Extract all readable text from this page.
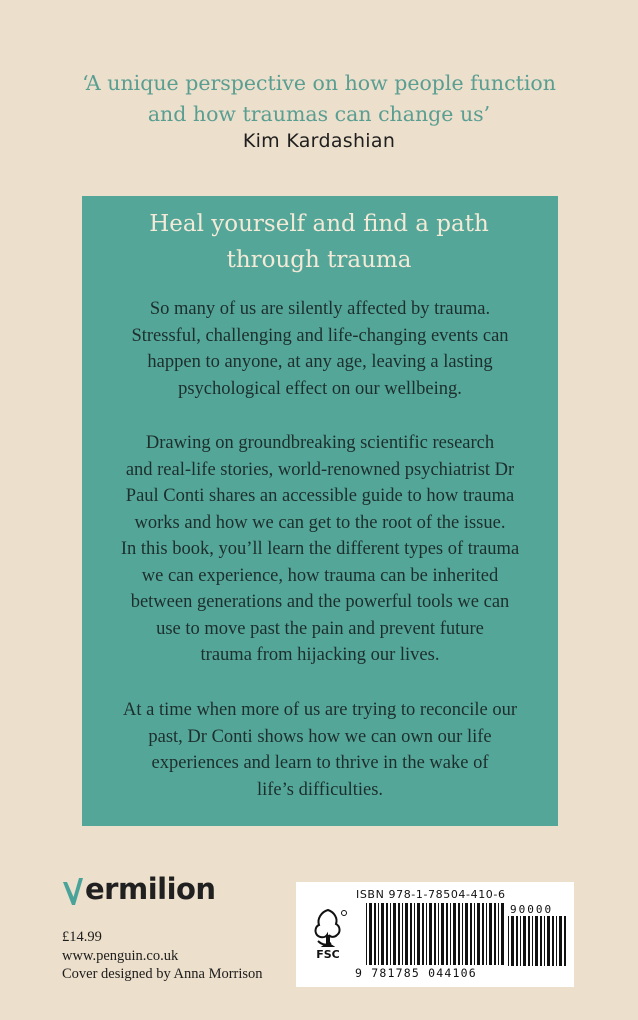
‘A unique perspective on how people function
and how traumas can change us’
Kim Kardashian
Heal yourself and find a path
through trauma
So many of us are silently affected by trauma.
Stressful, challenging and life-changing events can
happen to anyone, at any age, leaving a lasting
psychological effect on our wellbeing.
Drawing on groundbreaking scientific research
and real-life stories, world-renowned psychiatrist Dr
Paul Conti shares an accessible guide to how trauma
works and how we can get to the root of the issue.
In this book, you’ll learn the different types of trauma
we can experience, how trauma can be inherited
between generations and the powerful tools we can
use to move past the pain and prevent future
trauma from hijacking our lives.
At a time when more of us are trying to reconcile our
past, Dr Conti shows how we can own our life
experiences and learn to thrive in the wake of
life’s difficulties.
ermilion
£14.99
www.penguin.co.uk
Cover designed by Anna Morrison
ISBN 978-1-78504-410-6
FSC
90000
9 781785 044106
